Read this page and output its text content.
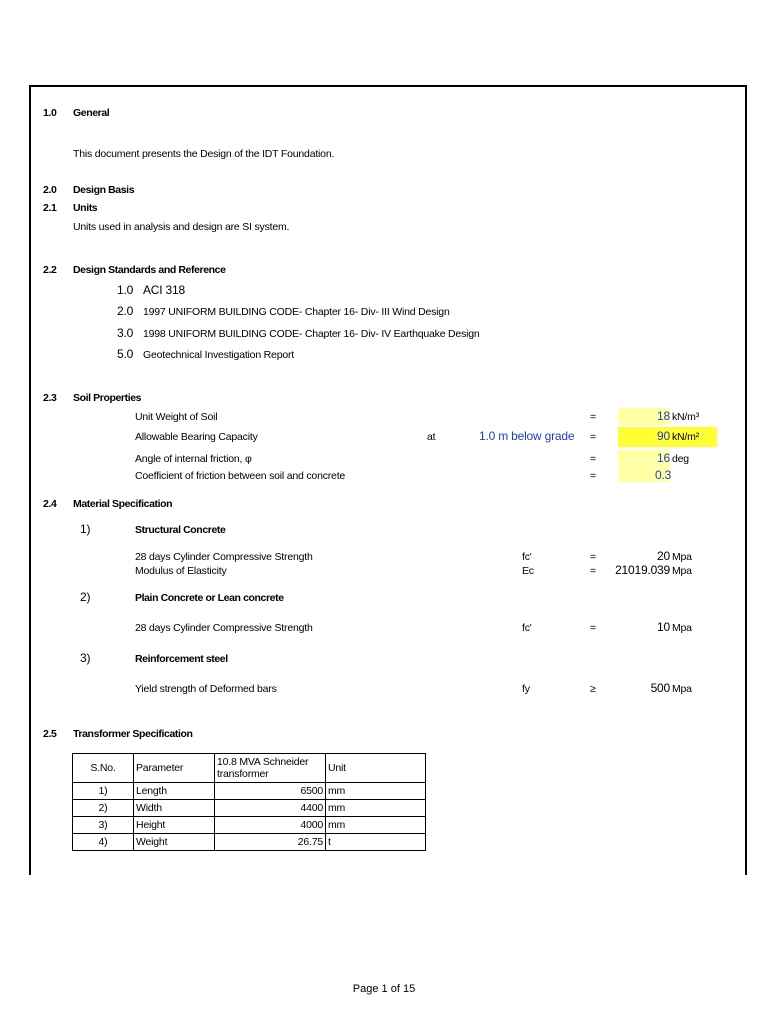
1.0 General
This document presents the Design of the IDT Foundation.
2.0 Design Basis
2.1 Units
Units used in analysis and design are SI system.
2.2 Design Standards and Reference
1.0 ACI 318
2.0 1997 UNIFORM BUILDING CODE- Chapter 16- Div- III Wind Design
3.0 1998 UNIFORM BUILDING CODE- Chapter 16- Div- IV Earthquake Design
5.0 Geotechnical Investigation Report
2.3 Soil Properties
Unit Weight of Soil	=	18 kN/m³
Allowable Bearing Capacity	at	1.0 m below grade =	90 kN/m²
Angle of internal friction, φ	=	16 deg
Coefficient of friction between soil and concrete	=	0.3
2.4 Material Specification
1)	Structural Concrete
28 days Cylinder Compressive Strength	fc'	=	20 Mpa
Modulus of Elasticity	Ec	=	21019.039 Mpa
2)	Plain Concrete or Lean concrete
28 days Cylinder Compressive Strength	fc'	=	10 Mpa
3)	Reinforcement steel
Yield strength of Deformed bars	fy	≥	500 Mpa
2.5 Transformer Specification
S.No.	Parameter	10.8 MVA Schneider transformer	Unit
1)	Length	6500	mm
2)	Width	4400	mm
3)	Height	4000	mm
4)	Weight	26.75	t
Page 1 of 15
